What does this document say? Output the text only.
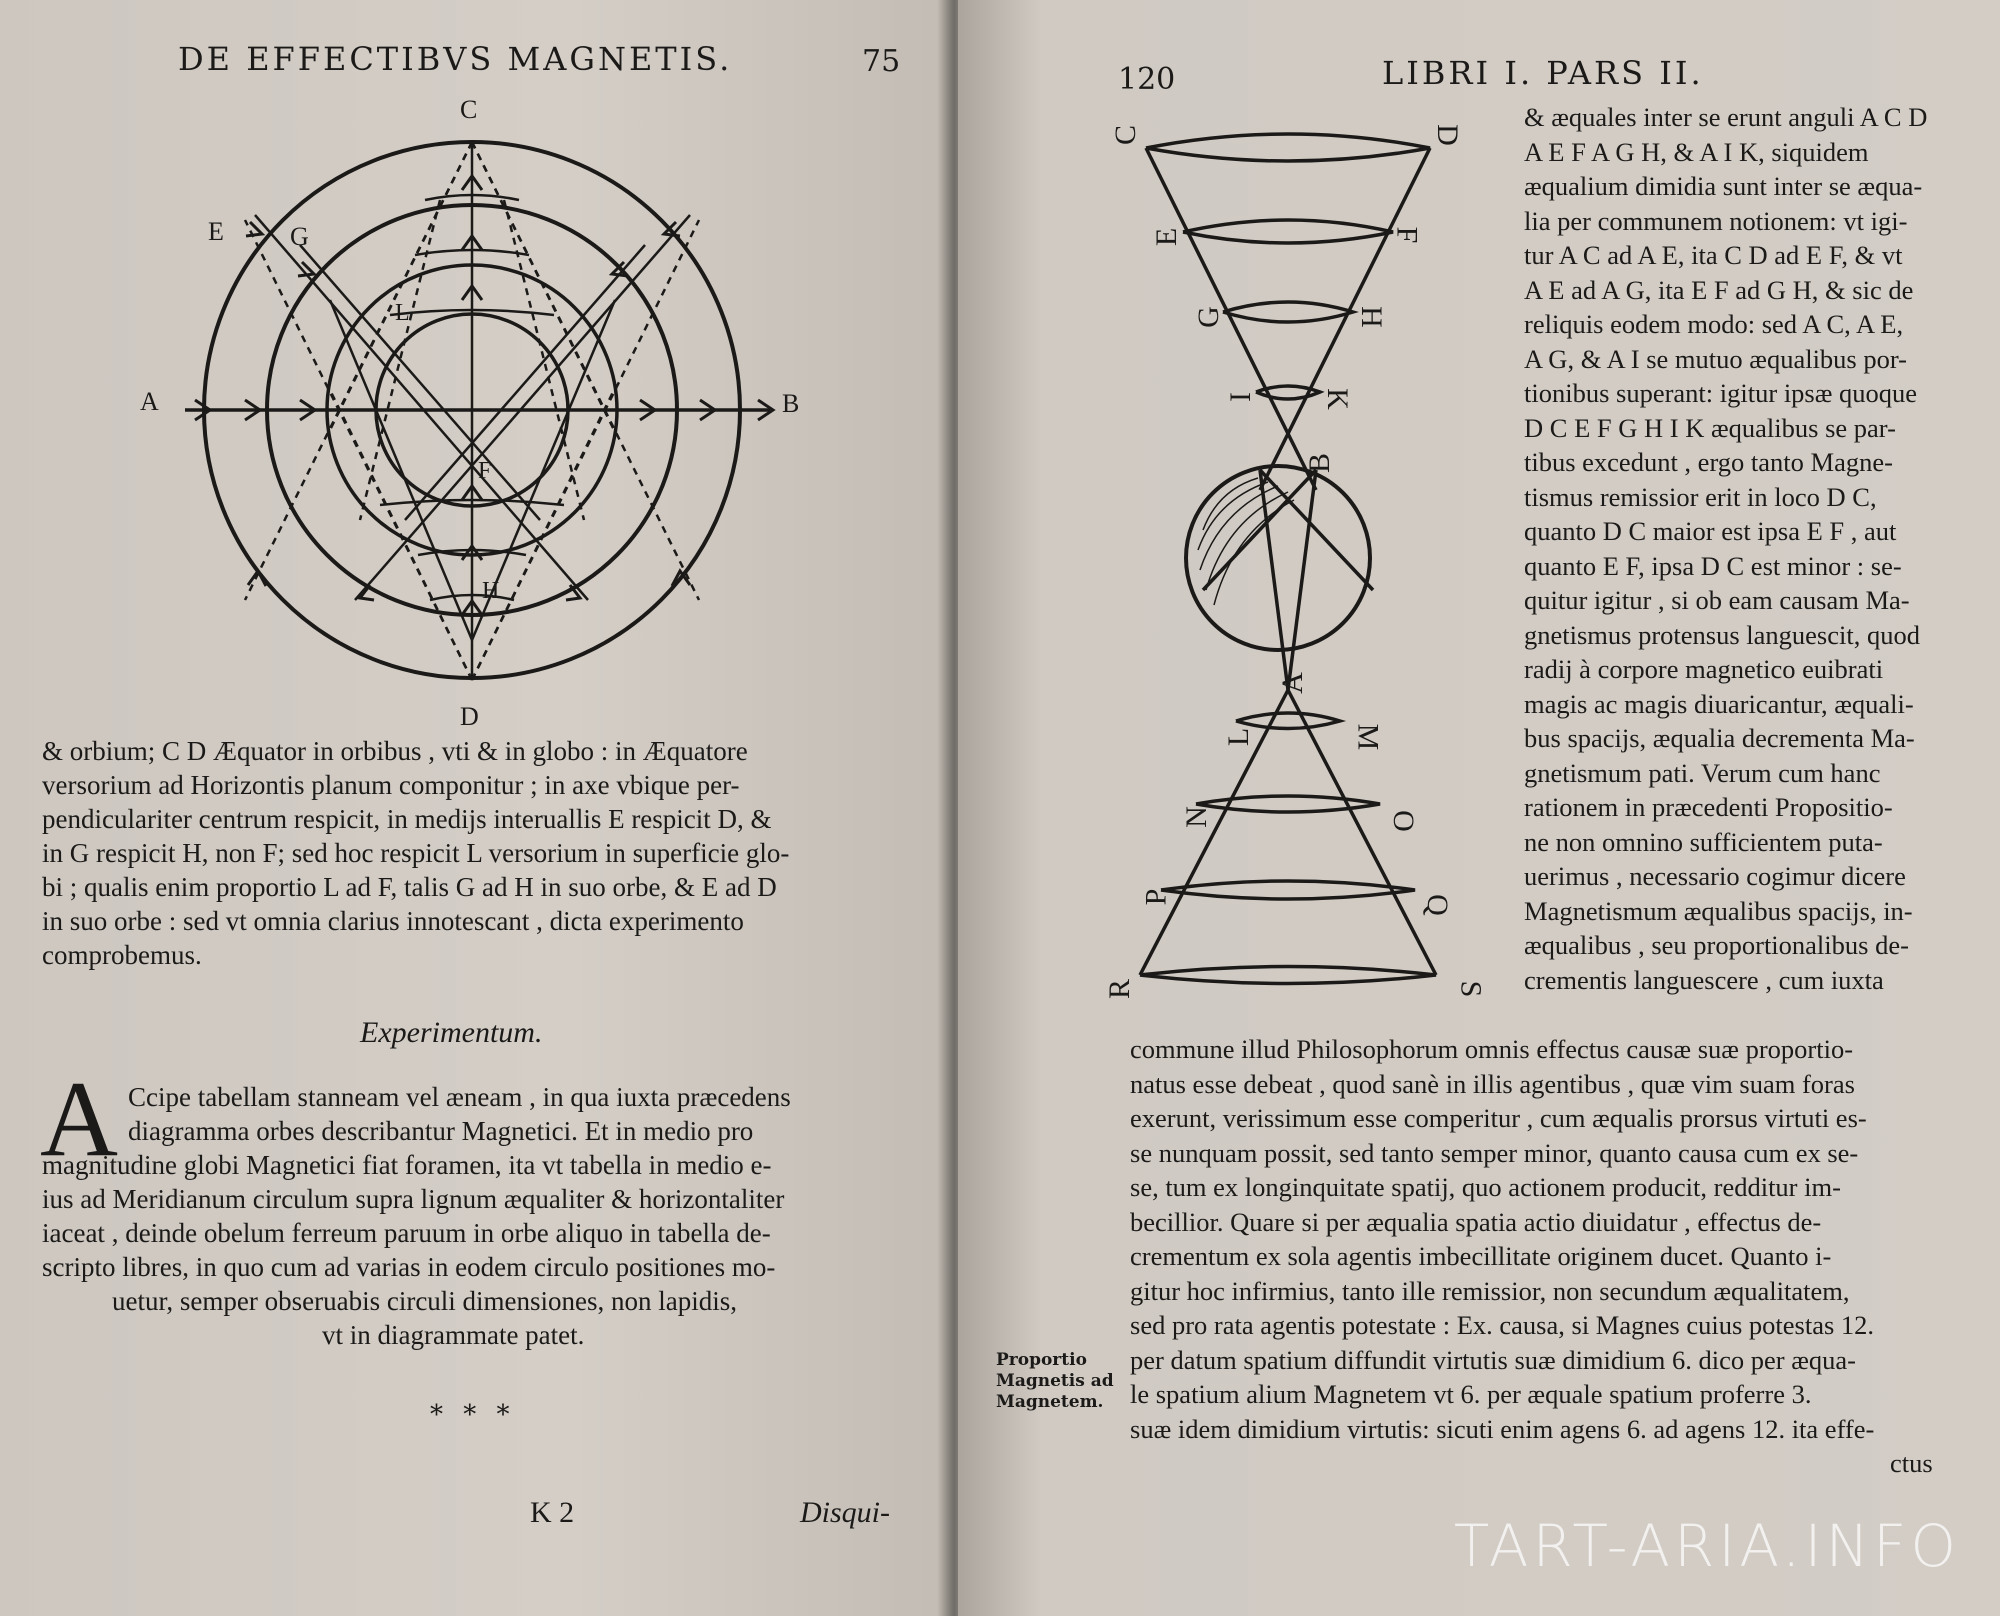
DE EFFECTIBVS MAGNETIS.	75
C
D
A	B
E	G
L
F
H

& orbium; C D Æquator in orbibus , vti & in globo : in Æquatore

versorium ad Horizontis planum componitur ; in axe vbique per-

pendiculariter centrum respicit, in medijs interuallis E respicit D, &

in G respicit H, non F; sed hoc respicit L versorium in superficie glo-

bi ; qualis enim proportio L ad F, talis G ad H in suo orbe, & E ad D

in suo orbe : sed vt omnia clarius innotescant , dicta experimento

comprobemus.

Experimentum.
A Ccipe tabellam stanneam vel æneam , in qua iuxta præcedens

diagramma orbes describantur Magnetici. Et in medio pro

magnitudine globi Magnetici fiat foramen, ita vt tabella in medio e-

ius ad Meridianum circulum supra lignum æqualiter & horizontaliter

iaceat , deinde obelum ferreum paruum in orbe aliquo in tabella de-

scripto libres, in quo cum ad varias in eodem circulo positiones mo-

uetur, semper obseruabis circuli dimensiones, non lapidis,

vt in diagrammate patet.

* * *
K 2	Disqui-
120	LIBRI I. PARS II.
C
E
G
I
D
F
H
K
B
A
L
N
P
R
M
O
Q
S

& æquales inter se erunt anguli A C D

A E F A G H, & A I K, siquidem

æqualium dimidia sunt inter se æqua-

lia per communem notionem: vt igi-

tur A C ad A E, ita C D ad E F, & vt

A E ad A G, ita E F ad G H, & sic de

reliquis eodem modo: sed A C, A E,

A G, & A I se mutuo æqualibus por-

tionibus superant: igitur ipsæ quoque

D C E F G H I K æqualibus se par-

tibus excedunt , ergo tanto Magne-

tismus remissior erit in loco D C,

quanto D C maior est ipsa E F , aut

quanto E F, ipsa D C est minor : se-

quitur igitur , si ob eam causam Ma-

gnetismus protensus languescit, quod

radij à corpore magnetico euibrati

magis ac magis diuaricantur, æquali-

bus spacijs, æqualia decrementa Ma-

gnetismum pati. Verum cum hanc

rationem in præcedenti Propositio-

ne non omnino sufficientem puta-

uerimus , necessario cogimur dicere

Magnetismum æqualibus spacijs, in-

æqualibus , seu proportionalibus de-

crementis languescere , cum iuxta

commune illud Philosophorum omnis effectus causæ suæ proportio-

natus esse debeat , quod sanè in illis agentibus , quæ vim suam foras

exerunt, verissimum esse comperitur , cum æqualis prorsus virtuti es-

se nunquam possit, sed tanto semper minor, quanto causa cum ex se-

se, tum ex longinquitate spatij, quo actionem producit, redditur im-

becillior. Quare si per æqualia spatia actio diuidatur , effectus de-

crementum ex sola agentis imbecillitate originem ducet. Quanto i-

gitur hoc infirmius, tanto ille remissior, non secundum æqualitatem,

sed pro rata agentis potestate : Ex. causa, si Magnes cuius potestas 12.

per datum spatium diffundit virtutis suæ dimidium 6. dico per æqua-

le spatium alium Magnetem vt 6. per æquale spatium proferre 3.

suæ idem dimidium virtutis: sicuti enim agens 6. ad agens 12. ita effe-

ctus

Proportio
Magnetis ad
Magnetem.
TART-ARIA.INFO
